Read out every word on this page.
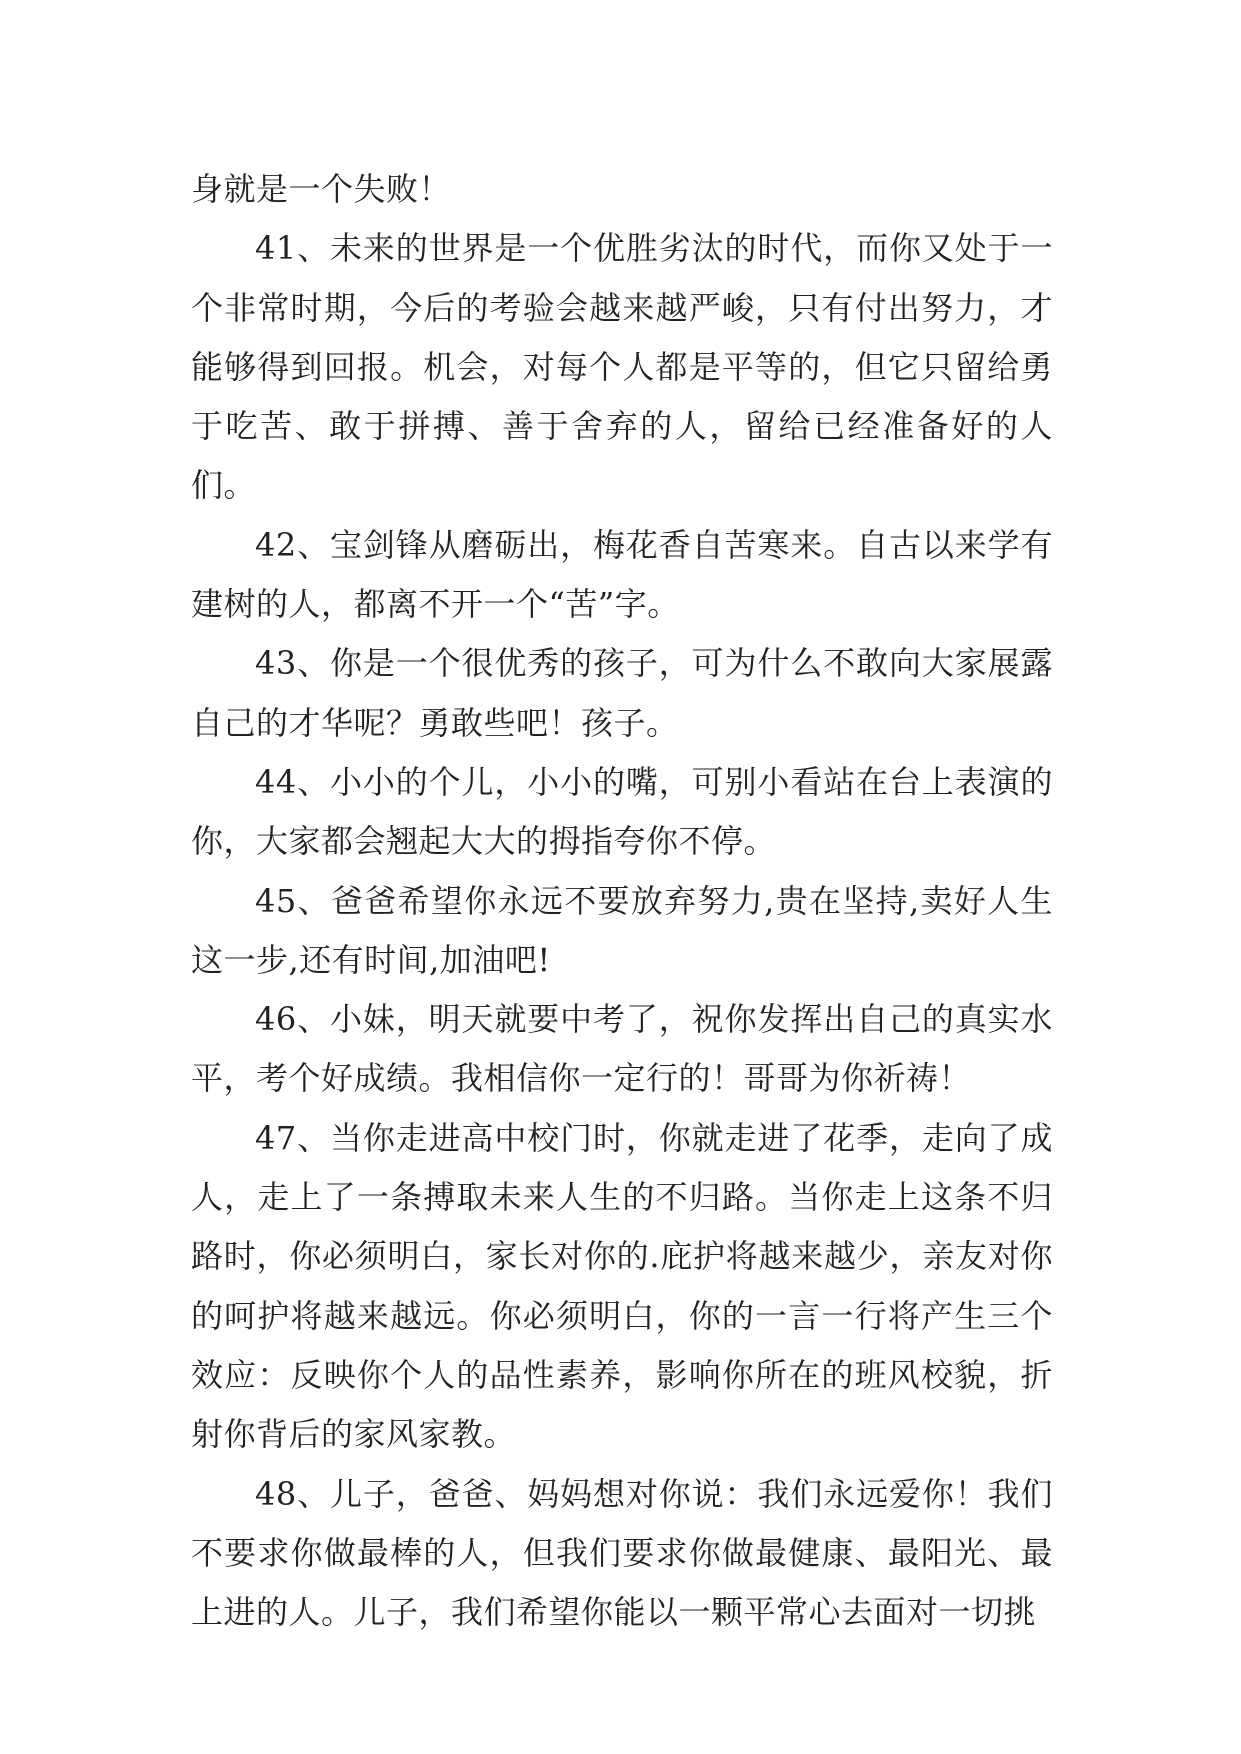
身就是一个失败！

41、未来的世界是一个优胜劣汰的时代，而你又处于一个非常时期，今后的考验会越来越严峻，只有付出努力，才能够得到回报。机会，对每个人都是平等的，但它只留给勇于吃苦、敢于拼搏、善于舍弃的人，留给已经准备好的人们。

42、宝剑锋从磨砺出，梅花香自苦寒来。自古以来学有建树的人，都离不开一个“苦”字。

43、你是一个很优秀的孩子，可为什么不敢向大家展露自己的才华呢？勇敢些吧！孩子。

44、小小的个儿，小小的嘴，可别小看站在台上表演的你，大家都会翘起大大的拇指夸你不停。

45、爸爸希望你永远不要放弃努力,贵在坚持,卖好人生这一步,还有时间,加油吧!

46、小妹，明天就要中考了，祝你发挥出自己的真实水平，考个好成绩。我相信你一定行的！哥哥为你祈祷！

47、当你走进高中校门时，你就走进了花季，走向了成人，走上了一条搏取未来人生的不归路。当你走上这条不归路时，你必须明白，家长对你的.庇护将越来越少，亲友对你的呵护将越来越远。你必须明白，你的一言一行将产生三个效应：反映你个人的品性素养，影响你所在的班风校貌，折射你背后的家风家教。

48、儿子，爸爸、妈妈想对你说：我们永远爱你！我们不要求你做最棒的人，但我们要求你做最健康、最阳光、最上进的人。儿子，我们希望你能以一颗平常心去面对一切挑
